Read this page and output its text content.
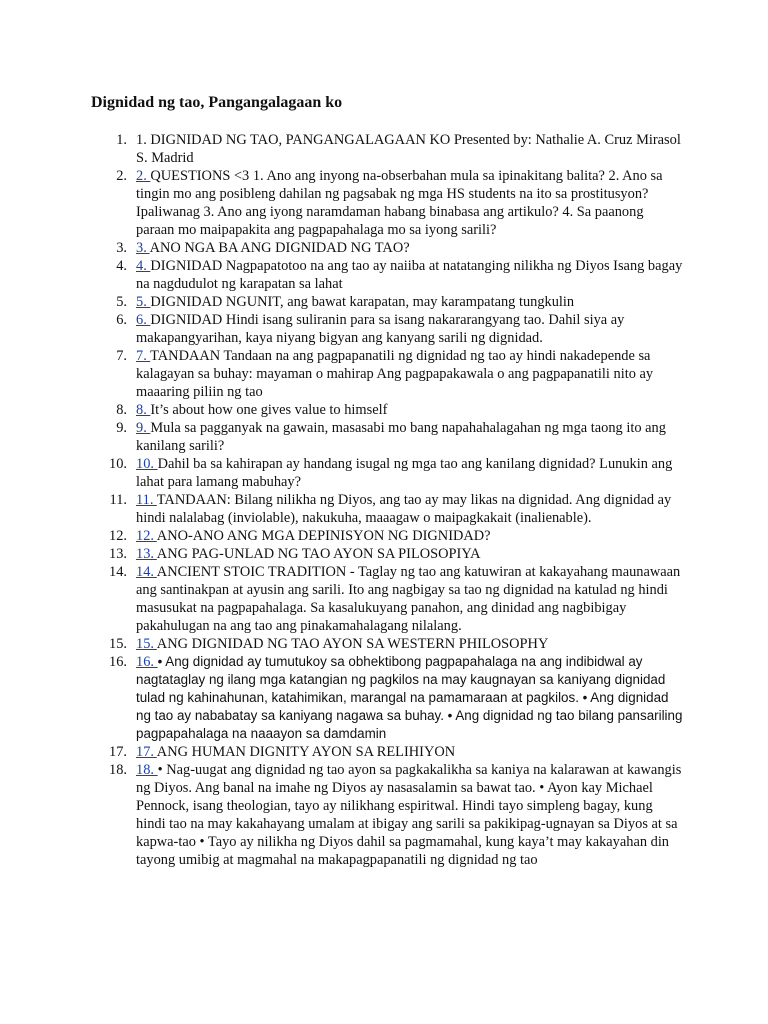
Dignidad ng tao, Pangangalagaan ko
1. 1. DIGNIDAD NG TAO, PANGANGALAGAAN KO Presented by: Nathalie A. Cruz Mirasol S. Madrid
2. 2. QUESTIONS <3 1. Ano ang inyong na-obserbahan mula sa ipinakitang balita? 2. Ano sa tingin mo ang posibleng dahilan ng pagsabak ng mga HS students na ito sa prostitusyon? Ipaliwanag 3. Ano ang iyong naramdaman habang binabasa ang artikulo? 4. Sa paanong paraan mo maipapakita ang pagpapahalaga mo sa iyong sarili?
3. 3. ANO NGA BA ANG DIGNIDAD NG TAO?
4. 4. DIGNIDAD Nagpapatotoo na ang tao ay naiiba at natatanging nilikha ng Diyos Isang bagay na nagdudulot ng karapatan sa lahat
5. 5. DIGNIDAD NGUNIT, ang bawat karapatan, may karampatang tungkulin
6. 6. DIGNIDAD Hindi isang suliranin para sa isang nakararangyang tao. Dahil siya ay makapangyarihan, kaya niyang bigyan ang kanyang sarili ng dignidad.
7. 7. TANDAAN Tandaan na ang pagpapanatili ng dignidad ng tao ay hindi nakadepende sa kalagayan sa buhay: mayaman o mahirap Ang pagpapakawala o ang pagpapanatili nito ay maaaring piliin ng tao
8. 8. It’s about how one gives value to himself
9. 9. Mula sa pagganyak na gawain, masasabi mo bang napahahalagahan ng mga taong ito ang kanilang sarili?
10. 10. Dahil ba sa kahirapan ay handang isugal ng mga tao ang kanilang dignidad? Lunukin ang lahat para lamang mabuhay?
11. 11. TANDAAN: Bilang nilikha ng Diyos, ang tao ay may likas na dignidad. Ang dignidad ay hindi nalalabag (inviolable), nakukuha, maaagaw o maipagkakait (inalienable).
12. 12. ANO-ANO ANG MGA DEPINISYON NG DIGNIDAD?
13. 13. ANG PAG-UNLAD NG TAO AYON SA PILOSOPIYA
14. 14. ANCIENT STOIC TRADITION - Taglay ng tao ang katuwiran at kakayahang maunawaan ang santinakpan at ayusin ang sarili. Ito ang nagbigay sa tao ng dignidad na katulad ng hindi masusukat na pagpapahalaga. Sa kasalukuyang panahon, ang dinidad ang nagbibigay pakahulugan na ang tao ang pinakamahalagang nilalang.
15. 15. ANG DIGNIDAD NG TAO AYON SA WESTERN PHILOSOPHY
16. 16. • Ang dignidad ay tumutukoy sa obhektibong pagpapahalaga na ang indibidwal ay nagtataglay ng ilang mga katangian ng pagkilos na may kaugnayan sa kaniyang dignidad tulad ng kahinahunan, katahimikan, marangal na pamamaraan at pagkilos. • Ang dignidad ng tao ay nababatay sa kaniyang nagawa sa buhay. • Ang dignidad ng tao bilang pansariling pagpapahalaga na naaayon sa damdamin
17. 17. ANG HUMAN DIGNITY AYON SA RELIHIYON
18. 18. • Nag-uugat ang dignidad ng tao ayon sa pagkakalikha sa kaniya na kalarawan at kawangis ng Diyos. Ang banal na imahe ng Diyos ay nasasalamin sa bawat tao. • Ayon kay Michael Pennock, isang theologian, tayo ay nilikhang espiritwal. Hindi tayo simpleng bagay, kung hindi tao na may kakahayang umalam at ibigay ang sarili sa pakikipag-ugnayan sa Diyos at sa kapwa-tao • Tayo ay nilikha ng Diyos dahil sa pagmamahal, kung kaya’t may kakayahan din tayong umibig at magmahal na makapagpapanatili ng dignidad ng tao
